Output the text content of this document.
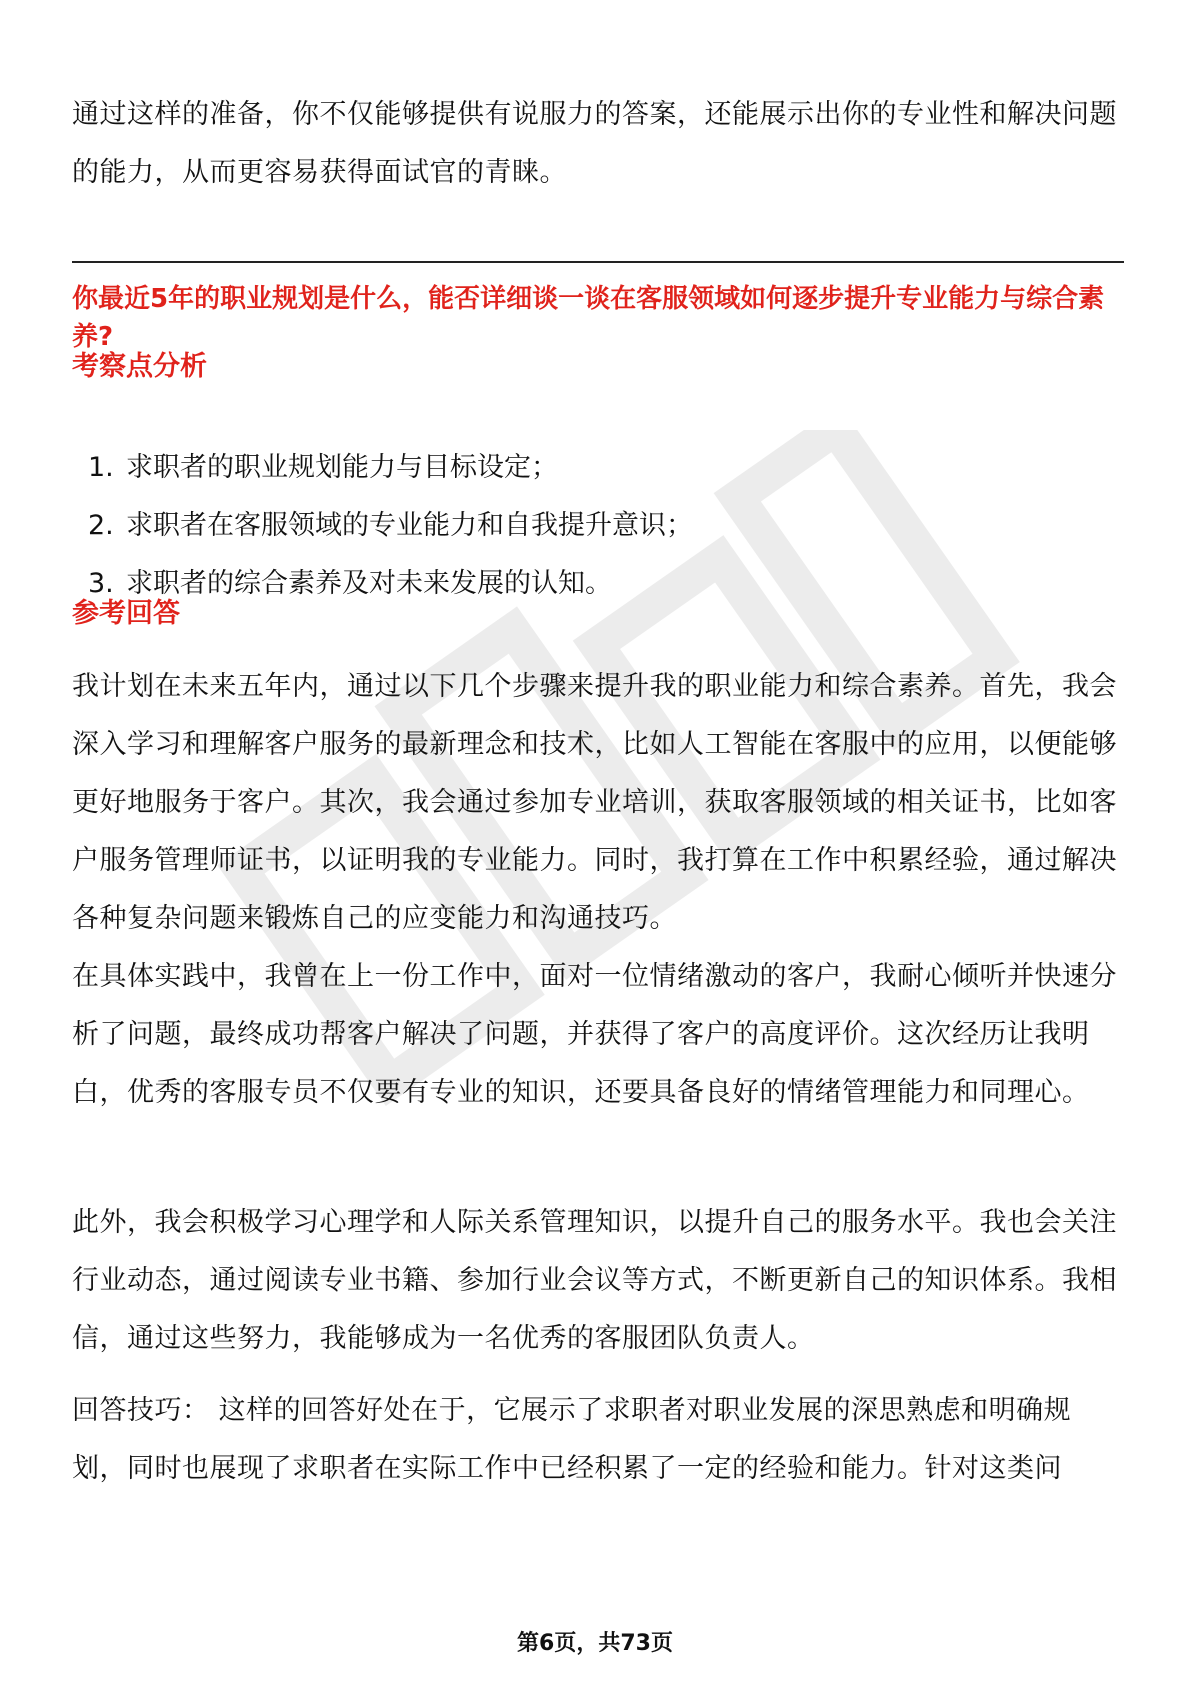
通过这样的准备，你不仅能够提供有说服力的答案，还能展示出你的专业性和解决问题的能力，从而更容易获得面试官的青睐。

你最近5年的职业规划是什么，能否详细谈一谈在客服领域如何逐步提升专业能力与综合素养?

考察点分析

1. 求职者的职业规划能力与目标设定；
2. 求职者在客服领域的专业能力和自我提升意识；
3. 求职者的综合素养及对未来发展的认知。

参考回答

我计划在未来五年内，通过以下几个步骤来提升我的职业能力和综合素养。首先，我会深入学习和理解客户服务的最新理念和技术，比如人工智能在客服中的应用，以便能够更好地服务于客户。其次，我会通过参加专业培训，获取客服领域的相关证书，比如客户服务管理师证书，以证明我的专业能力。同时，我打算在工作中积累经验，通过解决各种复杂问题来锻炼自己的应变能力和沟通技巧。

在具体实践中，我曾在上一份工作中，面对一位情绪激动的客户，我耐心倾听并快速分析了问题，最终成功帮客户解决了问题，并获得了客户的高度评价。这次经历让我明白，优秀的客服专员不仅要有专业的知识，还要具备良好的情绪管理能力和同理心。

此外，我会积极学习心理学和人际关系管理知识，以提升自己的服务水平。我也会关注行业动态，通过阅读专业书籍、参加行业会议等方式，不断更新自己的知识体系。我相信，通过这些努力，我能够成为一名优秀的客服团队负责人。

回答技巧： 这样的回答好处在于，它展示了求职者对职业发展的深思熟虑和明确规划，同时也展现了求职者在实际工作中已经积累了一定的经验和能力。针对这类问

第6页，共73页
